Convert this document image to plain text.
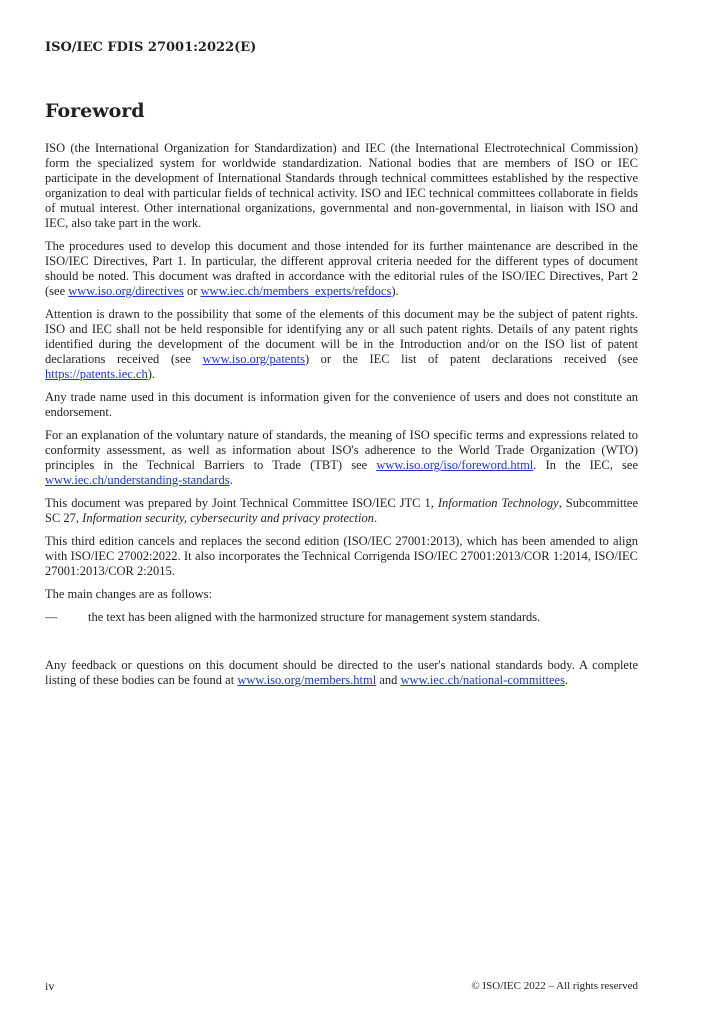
ISO/IEC FDIS 27001:2022(E)
Foreword

ISO (the International Organization for Standardization) and IEC (the International Electrotechnical Commission) form the specialized system for worldwide standardization. National bodies that are members of ISO or IEC participate in the development of International Standards through technical committees established by the respective organization to deal with particular fields of technical activity. ISO and IEC technical committees collaborate in fields of mutual interest. Other international organizations, governmental and non-governmental, in liaison with ISO and IEC, also take part in the work.

The procedures used to develop this document and those intended for its further maintenance are described in the ISO/IEC Directives, Part 1. In particular, the different approval criteria needed for the different types of document should be noted. This document was drafted in accordance with the editorial rules of the ISO/IEC Directives, Part 2 (see www.iso.org/directives or www.iec.ch/members_experts/refdocs).

Attention is drawn to the possibility that some of the elements of this document may be the subject of patent rights. ISO and IEC shall not be held responsible for identifying any or all such patent rights. Details of any patent rights identified during the development of the document will be in the Introduction and/or on the ISO list of patent declarations received (see www.iso.org/patents) or the IEC list of patent declarations received (see https://patents.iec.ch).

Any trade name used in this document is information given for the convenience of users and does not constitute an endorsement.

For an explanation of the voluntary nature of standards, the meaning of ISO specific terms and expressions related to conformity assessment, as well as information about ISO's adherence to the World Trade Organization (WTO) principles in the Technical Barriers to Trade (TBT) see www.iso.org/iso/foreword.html. In the IEC, see www.iec.ch/understanding-standards.

This document was prepared by Joint Technical Committee ISO/IEC JTC 1, Information Technology, Subcommittee SC 27, Information security, cybersecurity and privacy protection.

This third edition cancels and replaces the second edition (ISO/IEC 27001:2013), which has been amended to align with ISO/IEC 27002:2022. It also incorporates the Technical Corrigenda ISO/IEC 27001:2013/COR 1:2014, ISO/IEC 27001:2013/COR 2:2015.

The main changes are as follows:

—	the text has been aligned with the harmonized structure for management system standards.

Any feedback or questions on this document should be directed to the user's national standards body. A complete listing of these bodies can be found at www.iso.org/members.html and www.iec.ch/national-committees.

iv	© ISO/IEC 2022 – All rights reserved
